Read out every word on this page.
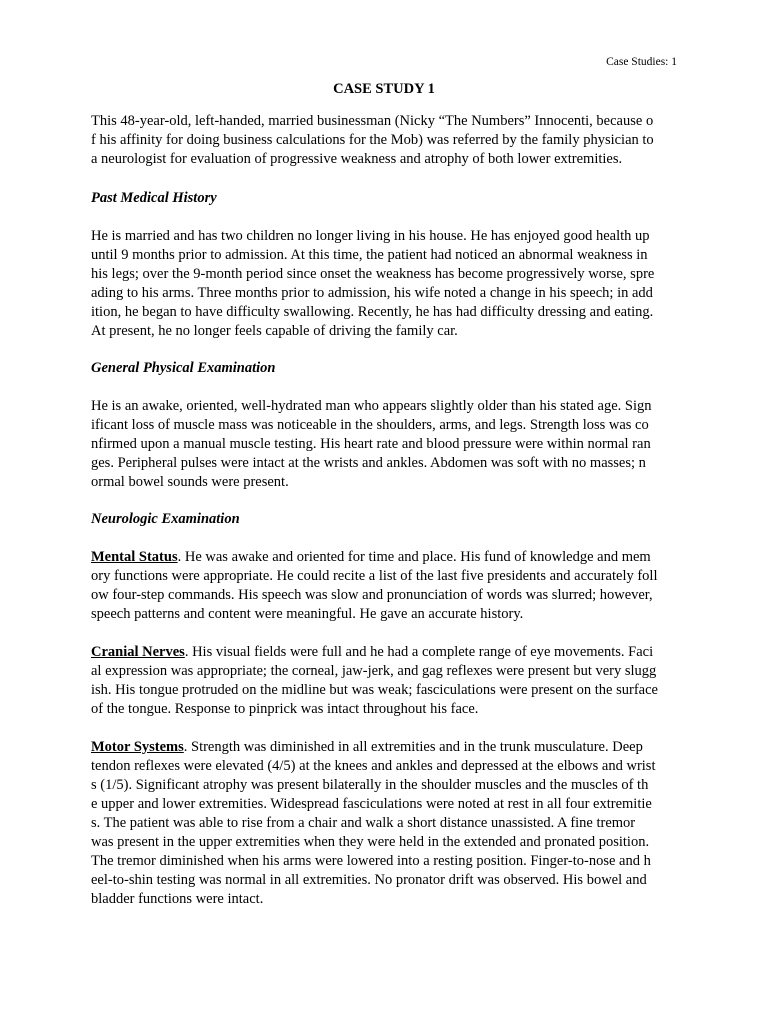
Case Studies: 1
CASE STUDY 1
This 48-year-old, left-handed, married businessman (Nicky “The Numbers” Innocenti, because o
f his affinity for doing business calculations for the Mob) was referred by the family physician to
a neurologist for evaluation of progressive weakness and atrophy of both lower extremities.
Past Medical History
He is married and has two children no longer living in his house. He has enjoyed good health up
until 9 months prior to admission. At this time, the patient had noticed an abnormal weakness in
his legs; over the 9-month period since onset the weakness has become progressively worse, spre
ading to his arms. Three months prior to admission, his wife noted a change in his speech; in add
ition, he began to have difficulty swallowing. Recently, he has had difficulty dressing and eating.
At present, he no longer feels capable of driving the family car.
General Physical Examination
He is an awake, oriented, well-hydrated man who appears slightly older than his stated age. Sign
ificant loss of muscle mass was noticeable in the shoulders, arms, and legs. Strength loss was co
nfirmed upon a manual muscle testing. His heart rate and blood pressure were within normal ran
ges. Peripheral pulses were intact at the wrists and ankles. Abdomen was soft with no masses; n
ormal bowel sounds were present.
Neurologic Examination
Mental Status. He was awake and oriented for time and place. His fund of knowledge and mem
ory functions were appropriate. He could recite a list of the last five presidents and accurately foll
ow four-step commands. His speech was slow and pronunciation of words was slurred; however,
speech patterns and content were meaningful. He gave an accurate history.
Cranial Nerves. His visual fields were full and he had a complete range of eye movements. Faci
al expression was appropriate; the corneal, jaw-jerk, and gag reflexes were present but very slugg
ish. His tongue protruded on the midline but was weak; fasciculations were present on the surface
of the tongue. Response to pinprick was intact throughout his face.
Motor Systems. Strength was diminished in all extremities and in the trunk musculature. Deep
tendon reflexes were elevated (4/5) at the knees and ankles and depressed at the elbows and wrist
s (1/5). Significant atrophy was present bilaterally in the shoulder muscles and the muscles of th
e upper and lower extremities. Widespread fasciculations were noted at rest in all four extremitie
s. The patient was able to rise from a chair and walk a short distance unassisted. A fine tremor
was present in the upper extremities when they were held in the extended and pronated position.
The tremor diminished when his arms were lowered into a resting position. Finger-to-nose and h
eel-to-shin testing was normal in all extremities. No pronator drift was observed. His bowel and
bladder functions were intact.
